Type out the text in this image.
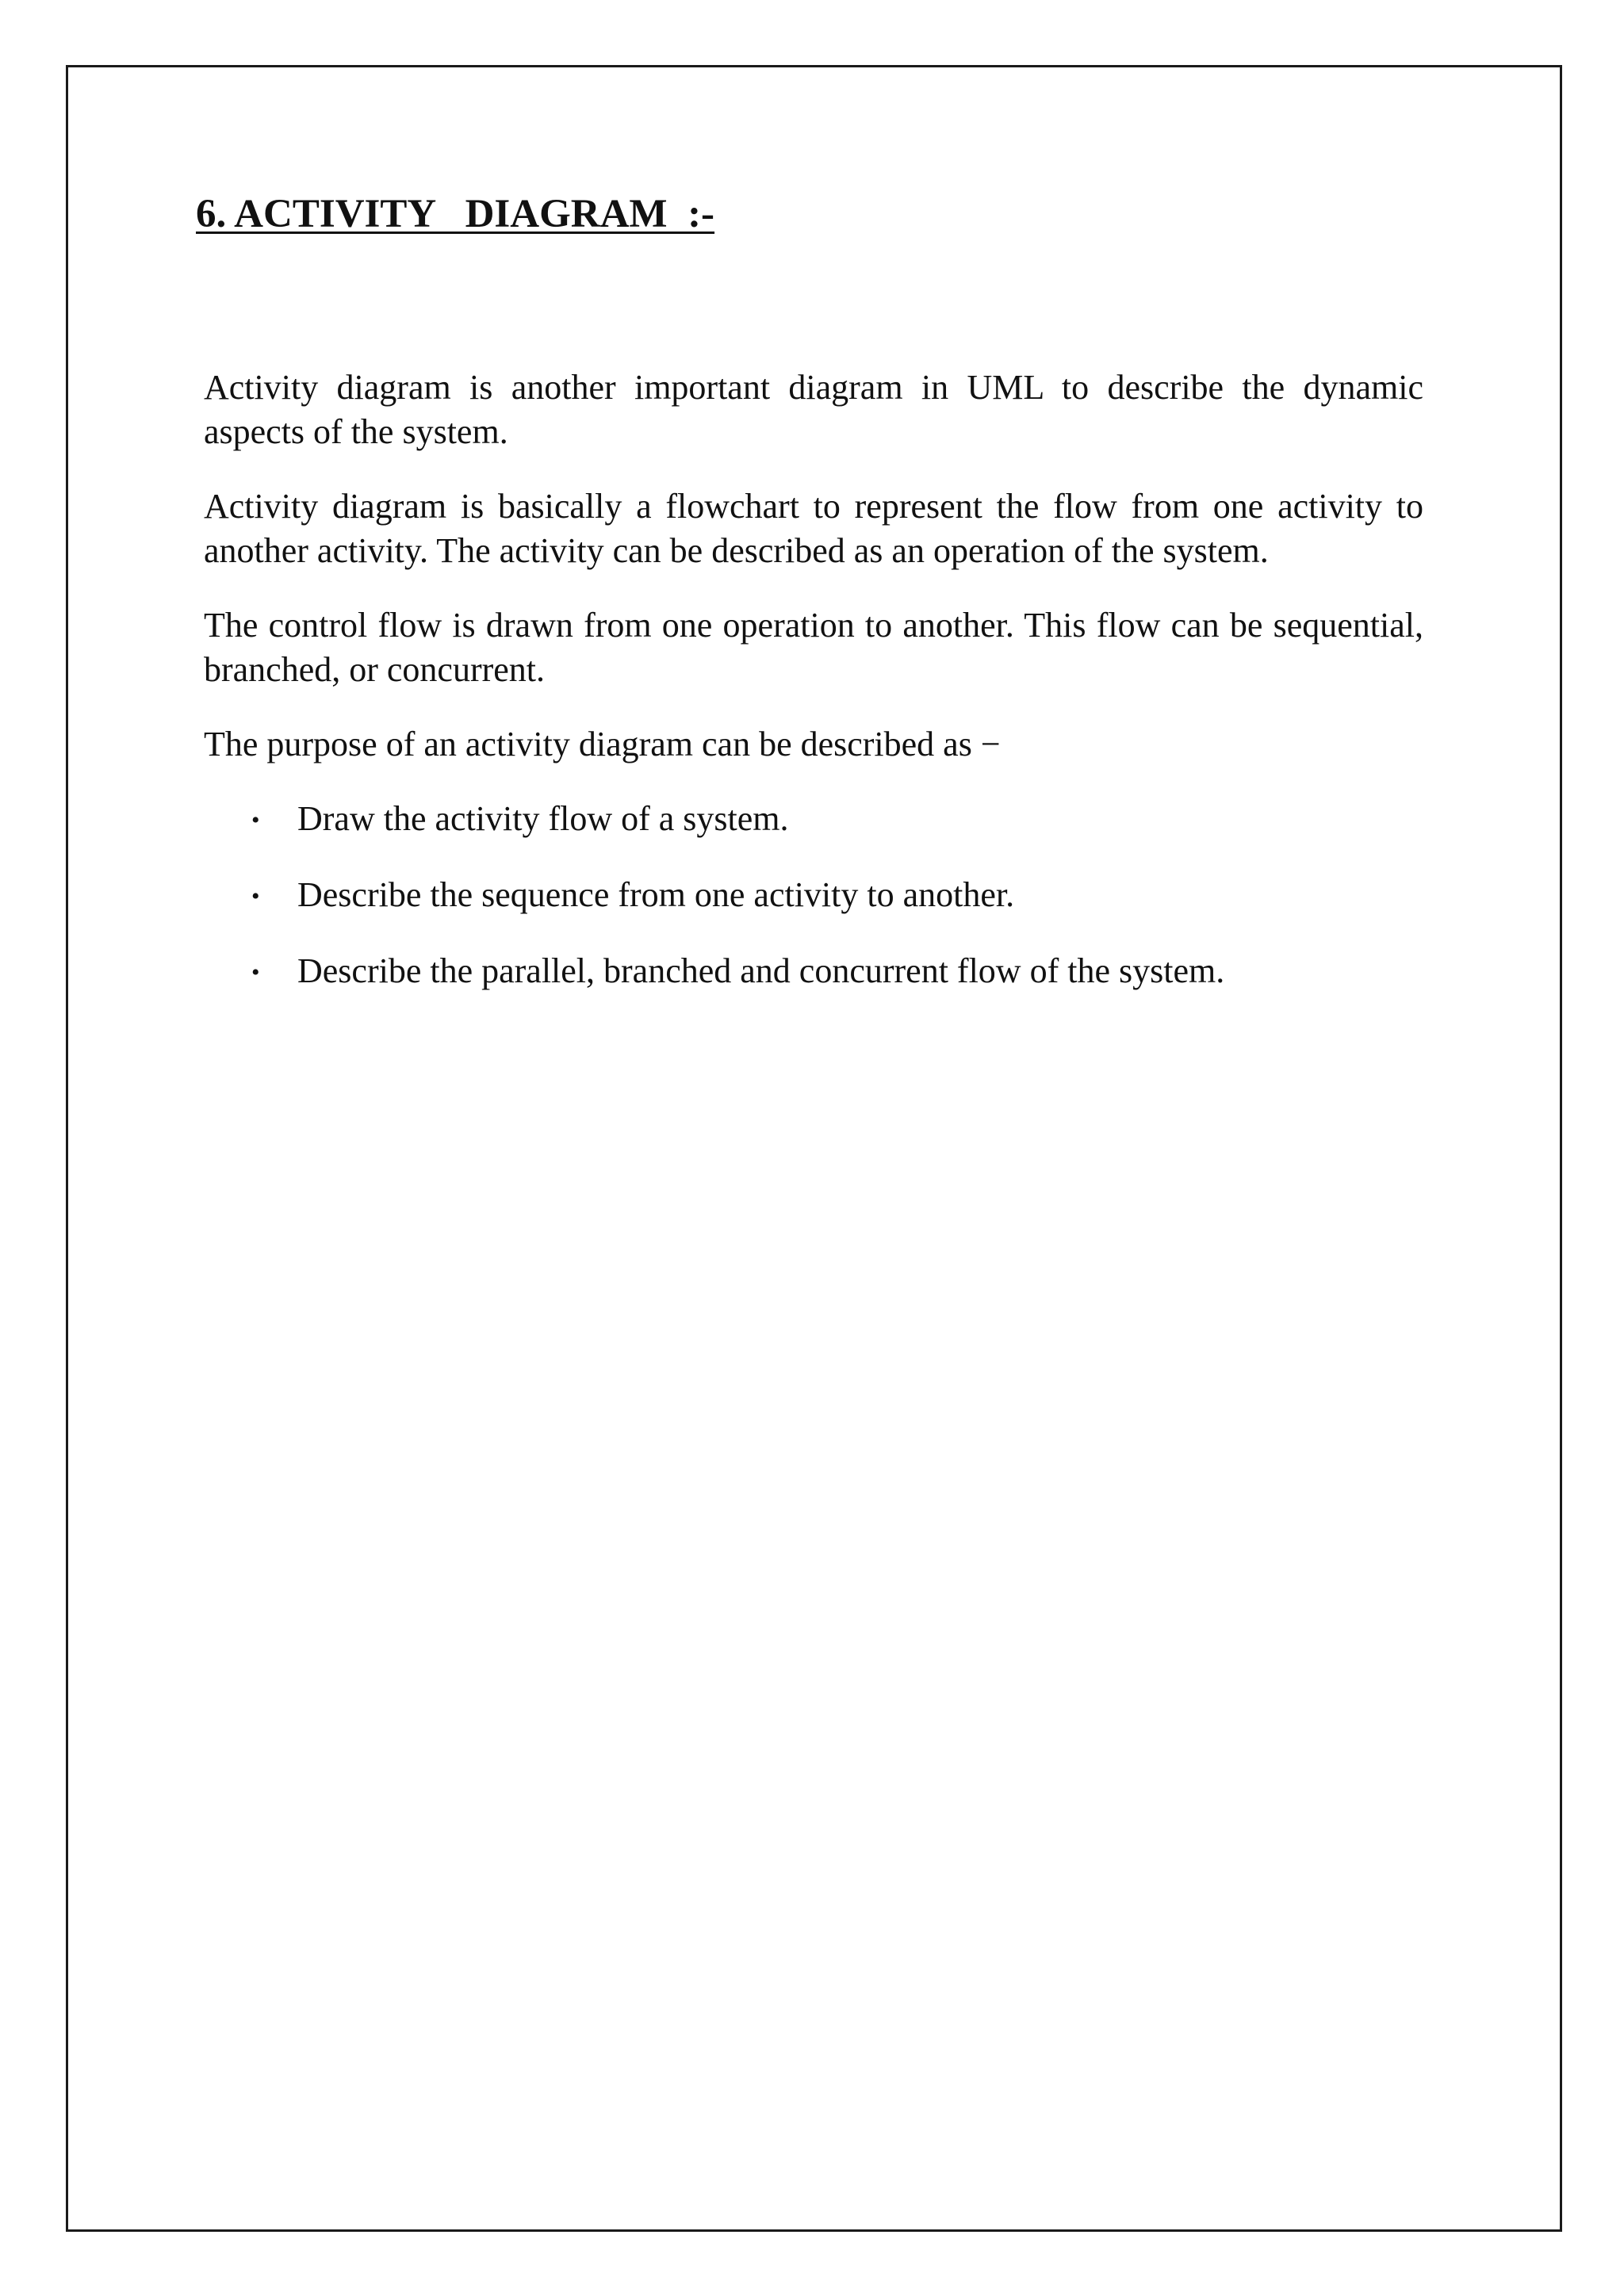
6. ACTIVITY   DIAGRAM  :-

Activity diagram is another important diagram in UML to describe the dynamic aspects of the system.

Activity diagram is basically a flowchart to represent the flow from one activity to another activity. The activity can be described as an operation of the system.

The control flow is drawn from one operation to another. This flow can be sequential, branched, or concurrent.

The purpose of an activity diagram can be described as −

• Draw the activity flow of a system.
• Describe the sequence from one activity to another.
• Describe the parallel, branched and concurrent flow of the system.
